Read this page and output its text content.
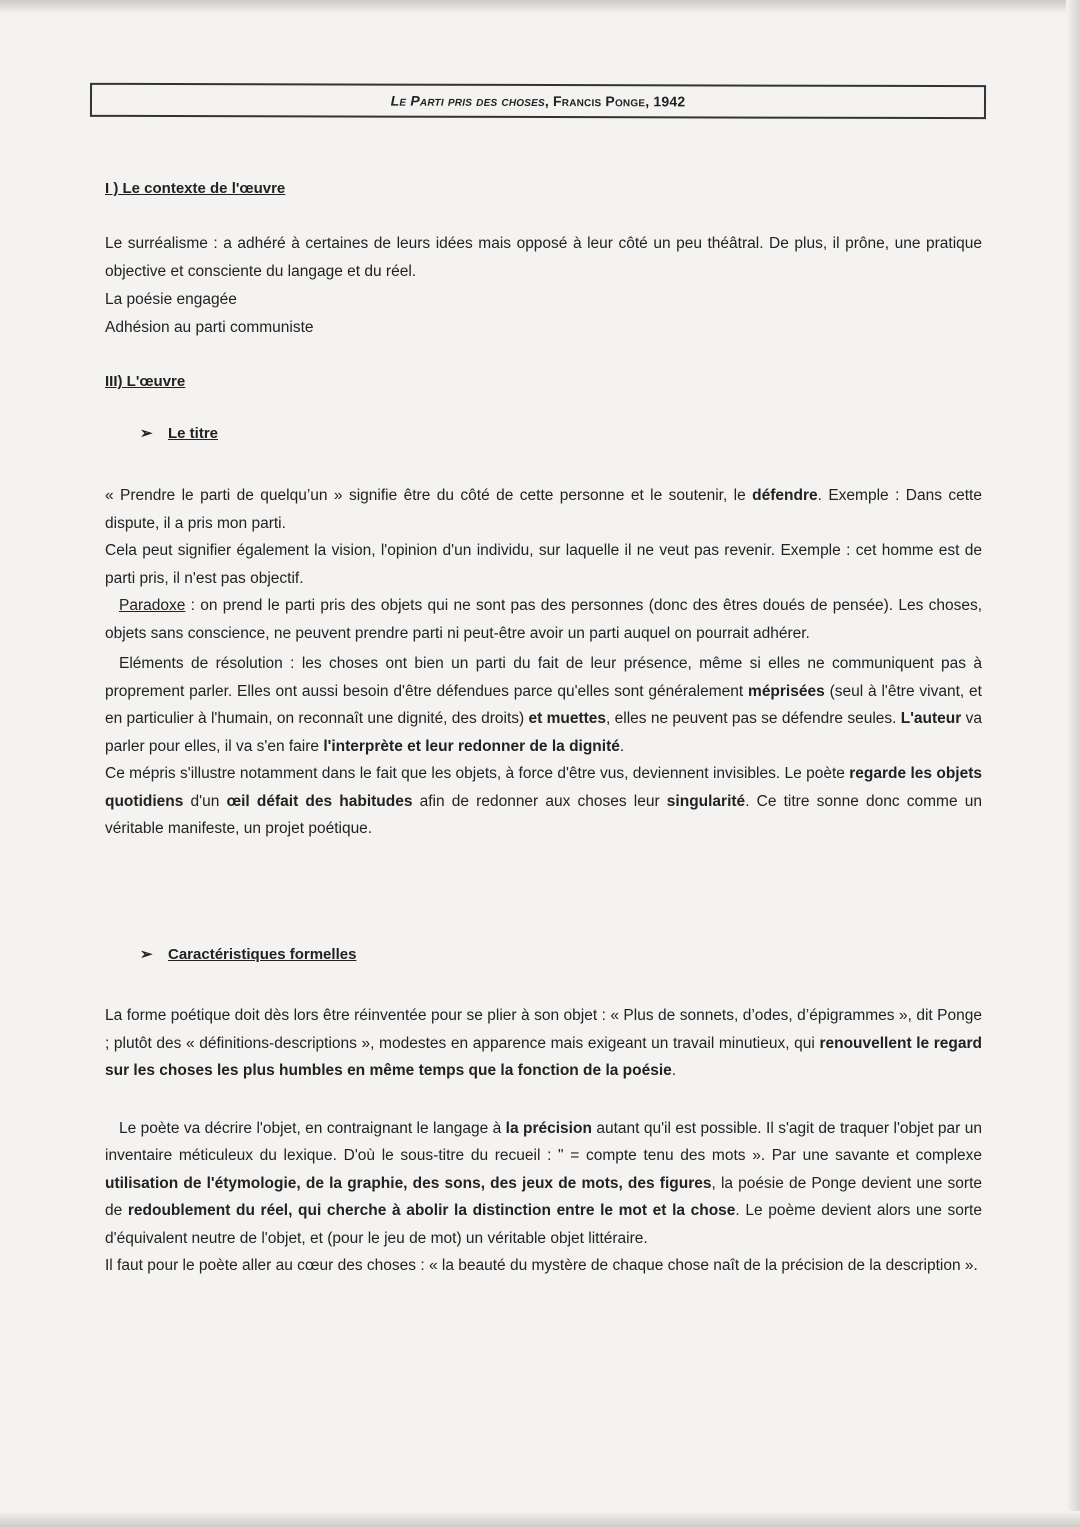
Le Parti pris des choses, Francis Ponge, 1942
I ) Le contexte de l'œuvre

Le surréalisme : a adhéré à certaines de leurs idées mais opposé à leur côté un peu théâtral. De plus, il prône, une pratique objective et consciente du langage et du réel.

La poésie engagée

Adhésion au parti communiste

III) L'œuvre
➢ Le titre

« Prendre le parti de quelqu’un » signifie être du côté de cette personne et le soutenir, le défendre. Exemple : Dans cette dispute, il a pris mon parti.

Cela peut signifier également la vision, l'opinion d'un individu, sur laquelle il ne veut pas revenir. Exemple : cet homme est de parti pris, il n'est pas objectif.

Paradoxe : on prend le parti pris des objets qui ne sont pas des personnes (donc des êtres doués de pensée). Les choses, objets sans conscience, ne peuvent prendre parti ni peut-être avoir un parti auquel on pourrait adhérer.

Eléments de résolution : les choses ont bien un parti du fait de leur présence, même si elles ne communiquent pas à proprement parler. Elles ont aussi besoin d'être défendues parce qu'elles sont généralement méprisées (seul à l'être vivant, et en particulier à l'humain, on reconnaît une dignité, des droits) et muettes, elles ne peuvent pas se défendre seules. L'auteur va parler pour elles, il va s'en faire l'interprète et leur redonner de la dignité.

Ce mépris s'illustre notamment dans le fait que les objets, à force d'être vus, deviennent invisibles. Le poète regarde les objets quotidiens d'un œil défait des habitudes afin de redonner aux choses leur singularité. Ce titre sonne donc comme un véritable manifeste, un projet poétique.

➢ Caractéristiques formelles

La forme poétique doit dès lors être réinventée pour se plier à son objet : « Plus de sonnets, d’odes, d’épigrammes », dit Ponge ; plutôt des « définitions-descriptions », modestes en apparence mais exigeant un travail minutieux, qui renouvellent le regard sur les choses les plus humbles en même temps que la fonction de la poésie.

Le poète va décrire l'objet, en contraignant le langage à la précision autant qu'il est possible. Il s'agit de traquer l'objet par un inventaire méticuleux du lexique. D'où le sous-titre du recueil : " = compte tenu des mots ». Par une savante et complexe utilisation de l'étymologie, de la graphie, des sons, des jeux de mots, des figures, la poésie de Ponge devient une sorte de redoublement du réel, qui cherche à abolir la distinction entre le mot et la chose. Le poème devient alors une sorte d'équivalent neutre de l'objet, et (pour le jeu de mot) un véritable objet littéraire.

Il faut pour le poète aller au cœur des choses : « la beauté du mystère de chaque chose naît de la précision de la description ».
